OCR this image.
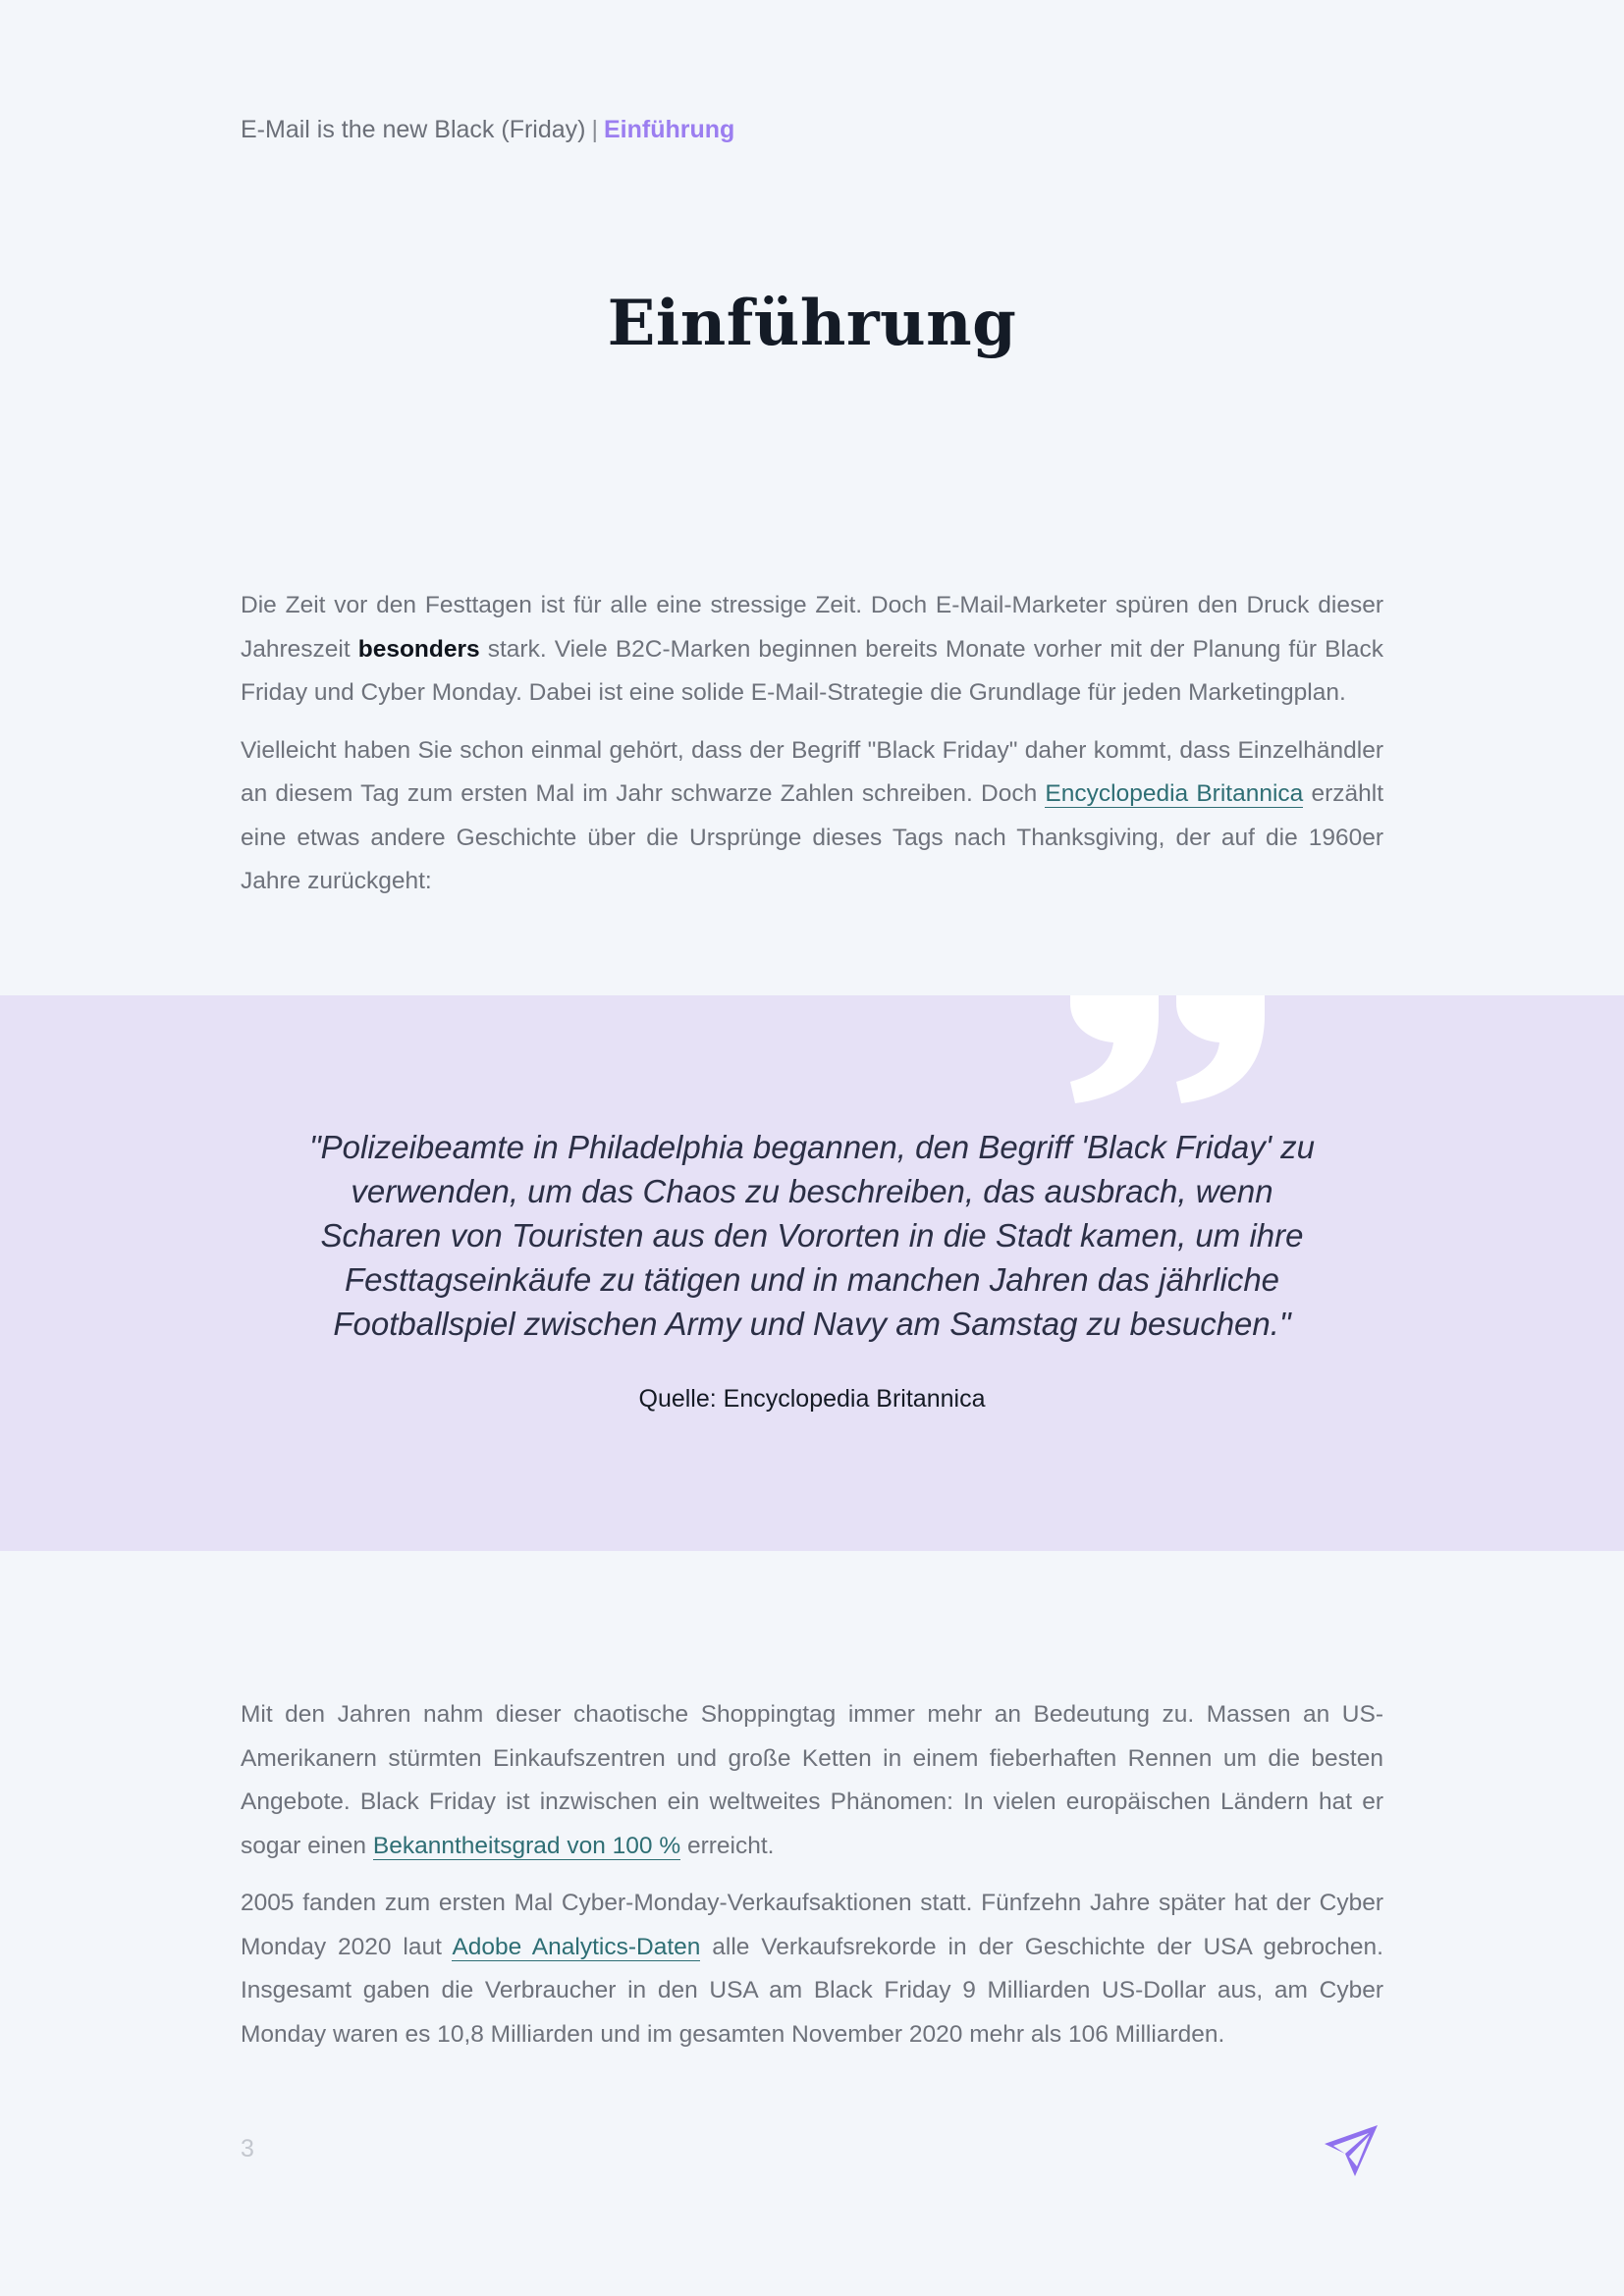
E-Mail is the new Black (Friday) | Einführung
Einführung

Die Zeit vor den Festtagen ist für alle eine stressige Zeit. Doch E-Mail-Marketer spüren den Druck dieser Jahreszeit besonders stark. Viele B2C-Marken beginnen bereits Monate vorher mit der Planung für Black Friday und Cyber Monday. Dabei ist eine solide E-Mail-Strategie die Grundlage für jeden Marketingplan.

Vielleicht haben Sie schon einmal gehört, dass der Begriff "Black Friday" daher kommt, dass Einzelhändler an diesem Tag zum ersten Mal im Jahr schwarze Zahlen schreiben. Doch Encyclopedia Britannica erzählt eine etwas andere Geschichte über die Ursprünge dieses Tags nach Thanksgiving, der auf die 1960er Jahre zurückgeht:

"Polizeibeamte in Philadelphia begannen, den Begriff 'Black Friday' zu verwenden, um das Chaos zu beschreiben, das ausbrach, wenn Scharen von Touristen aus den Vororten in die Stadt kamen, um ihre Festtagseinkäufe zu tätigen und in manchen Jahren das jährliche Footballspiel zwischen Army und Navy am Samstag zu besuchen."
Quelle: Encyclopedia Britannica

Mit den Jahren nahm dieser chaotische Shoppingtag immer mehr an Bedeutung zu. Massen an US-Amerikanern stürmten Einkaufszentren und große Ketten in einem fieberhaften Rennen um die besten Angebote. Black Friday ist inzwischen ein weltweites Phänomen: In vielen europäischen Ländern hat er sogar einen Bekanntheitsgrad von 100 % erreicht.

2005 fanden zum ersten Mal Cyber-Monday-Verkaufsaktionen statt. Fünfzehn Jahre später hat der Cyber Monday 2020 laut Adobe Analytics-Daten alle Verkaufsrekorde in der Geschichte der USA gebrochen. Insgesamt gaben die Verbraucher in den USA am Black Friday 9 Milliarden US-Dollar aus, am Cyber Monday waren es 10,8 Milliarden und im gesamten November 2020 mehr als 106 Milliarden.

3
